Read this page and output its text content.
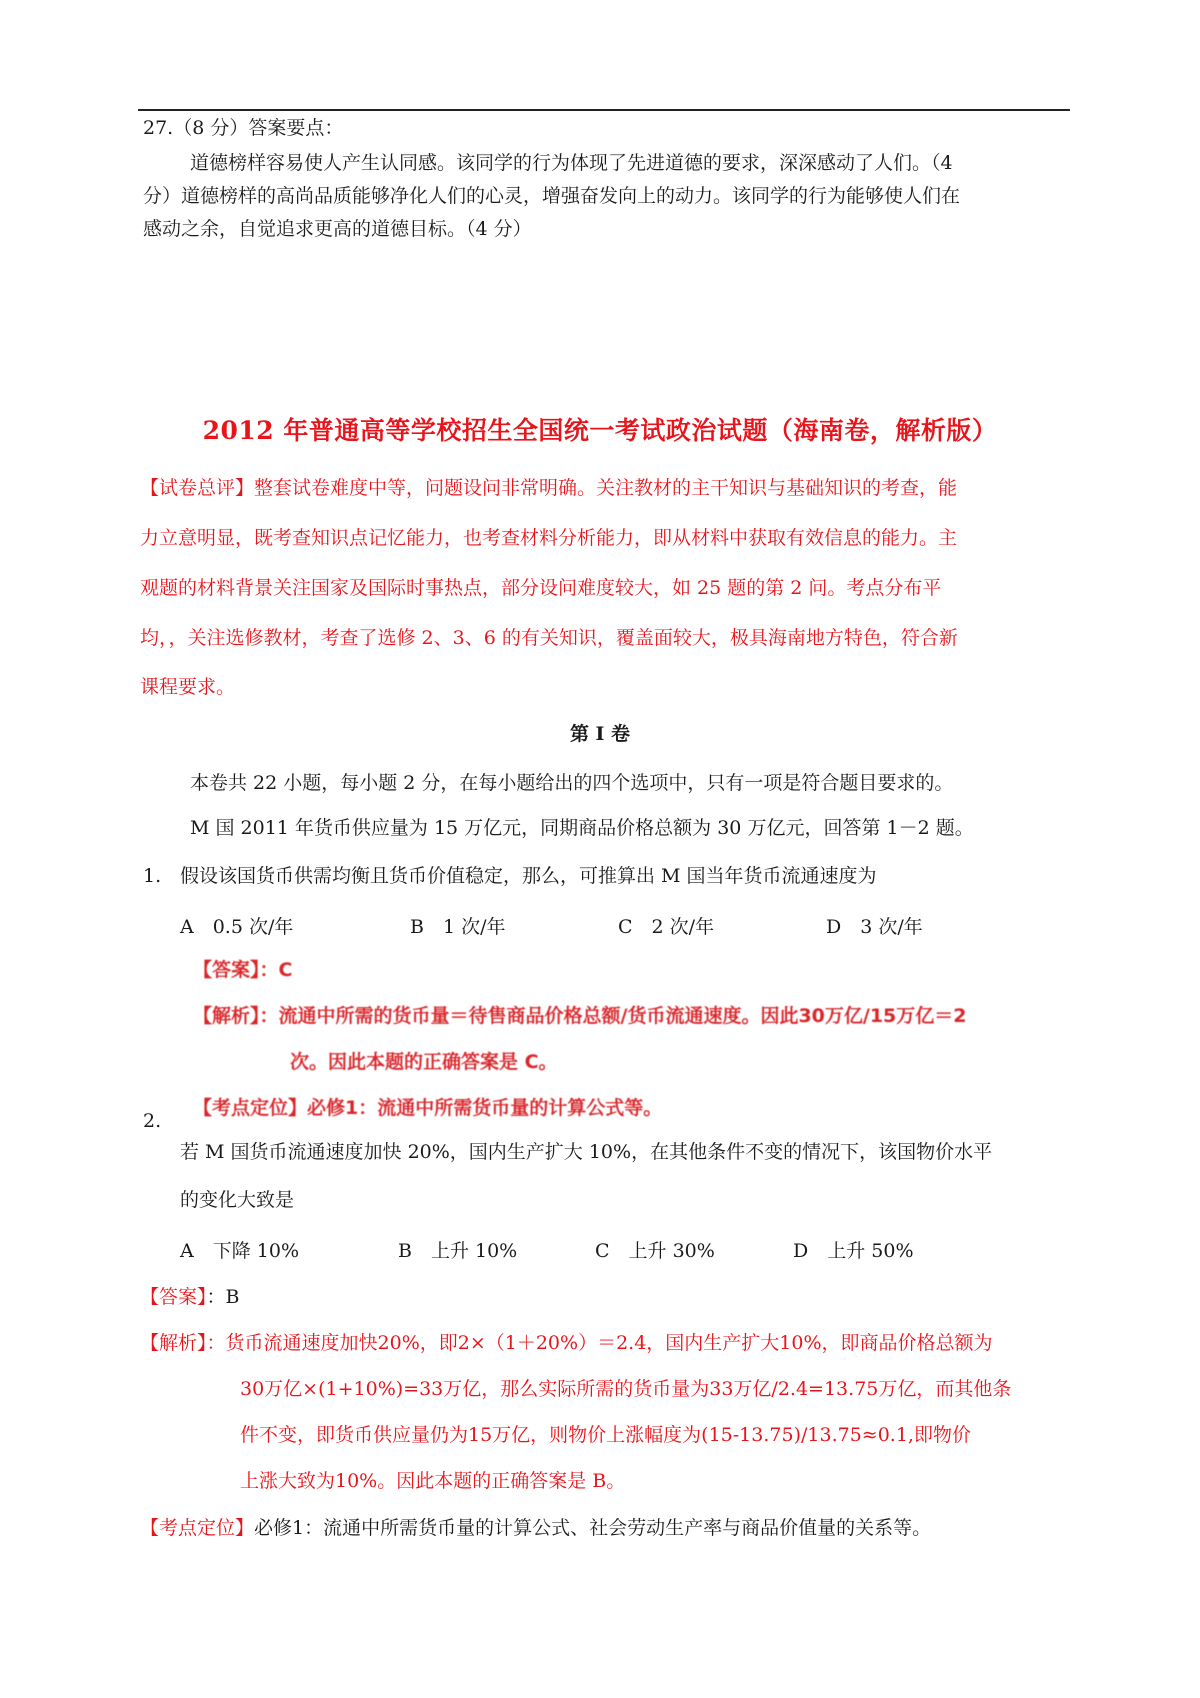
27.（8 分）答案要点：
道德榜样容易使人产生认同感。该同学的行为体现了先进道德的要求，深深感动了人们。（4
分）道德榜样的高尚品质能够净化人们的心灵，增强奋发向上的动力。该同学的行为能够使人们在
感动之余，自觉追求更高的道德目标。（4 分）
2012 年普通高等学校招生全国统一考试政治试题（海南卷，解析版）
【试卷总评】整套试卷难度中等，问题设问非常明确。关注教材的主干知识与基础知识的考查，能
力立意明显，既考查知识点记忆能力，也考查材料分析能力，即从材料中获取有效信息的能力。主
观题的材料背景关注国家及国际时事热点，部分设问难度较大，如 25 题的第 2 问。考点分布平
均，，关注选修教材，考查了选修 2、3、6 的有关知识，覆盖面较大，极具海南地方特色，符合新
课程要求。
第 I 卷
本卷共 22 小题，每小题 2 分，在每小题给出的四个选项中，只有一项是符合题目要求的。
M 国 2011 年货币供应量为 15 万亿元，同期商品价格总额为 30 万亿元，回答第 1－2 题。
1. 假设该国货币供需均衡且货币价值稳定，那么，可推算出 M 国当年货币流通速度为
A　0.5 次/年	B　1 次/年	C　2 次/年	D　3 次/年
【答案】：C
【解析】：流通中所需的货币量＝待售商品价格总额/货币流通速度。因此30万亿/15万亿＝2
次。因此本题的正确答案是 C。
【考点定位】必修1：流通中所需货币量的计算公式等。
2.
若 M 国货币流通速度加快 20%，国内生产扩大 10%，在其他条件不变的情况下，该国物价水平
的变化大致是
A　下降 10%	B　上升 10%	C　上升 30%	D　上升 50%
【答案】：B
【解析】：货币流通速度加快20%，即2×（1＋20%）＝2.4，国内生产扩大10%，即商品价格总额为
30万亿×(1+10%)=33万亿，那么实际所需的货币量为33万亿/2.4=13.75万亿，而其他条
件不变，即货币供应量仍为15万亿，则物价上涨幅度为(15-13.75)/13.75≈0.1,即物价
上涨大致为10%。因此本题的正确答案是 B。
【考点定位】必修1：流通中所需货币量的计算公式、社会劳动生产率与商品价值量的关系等。
